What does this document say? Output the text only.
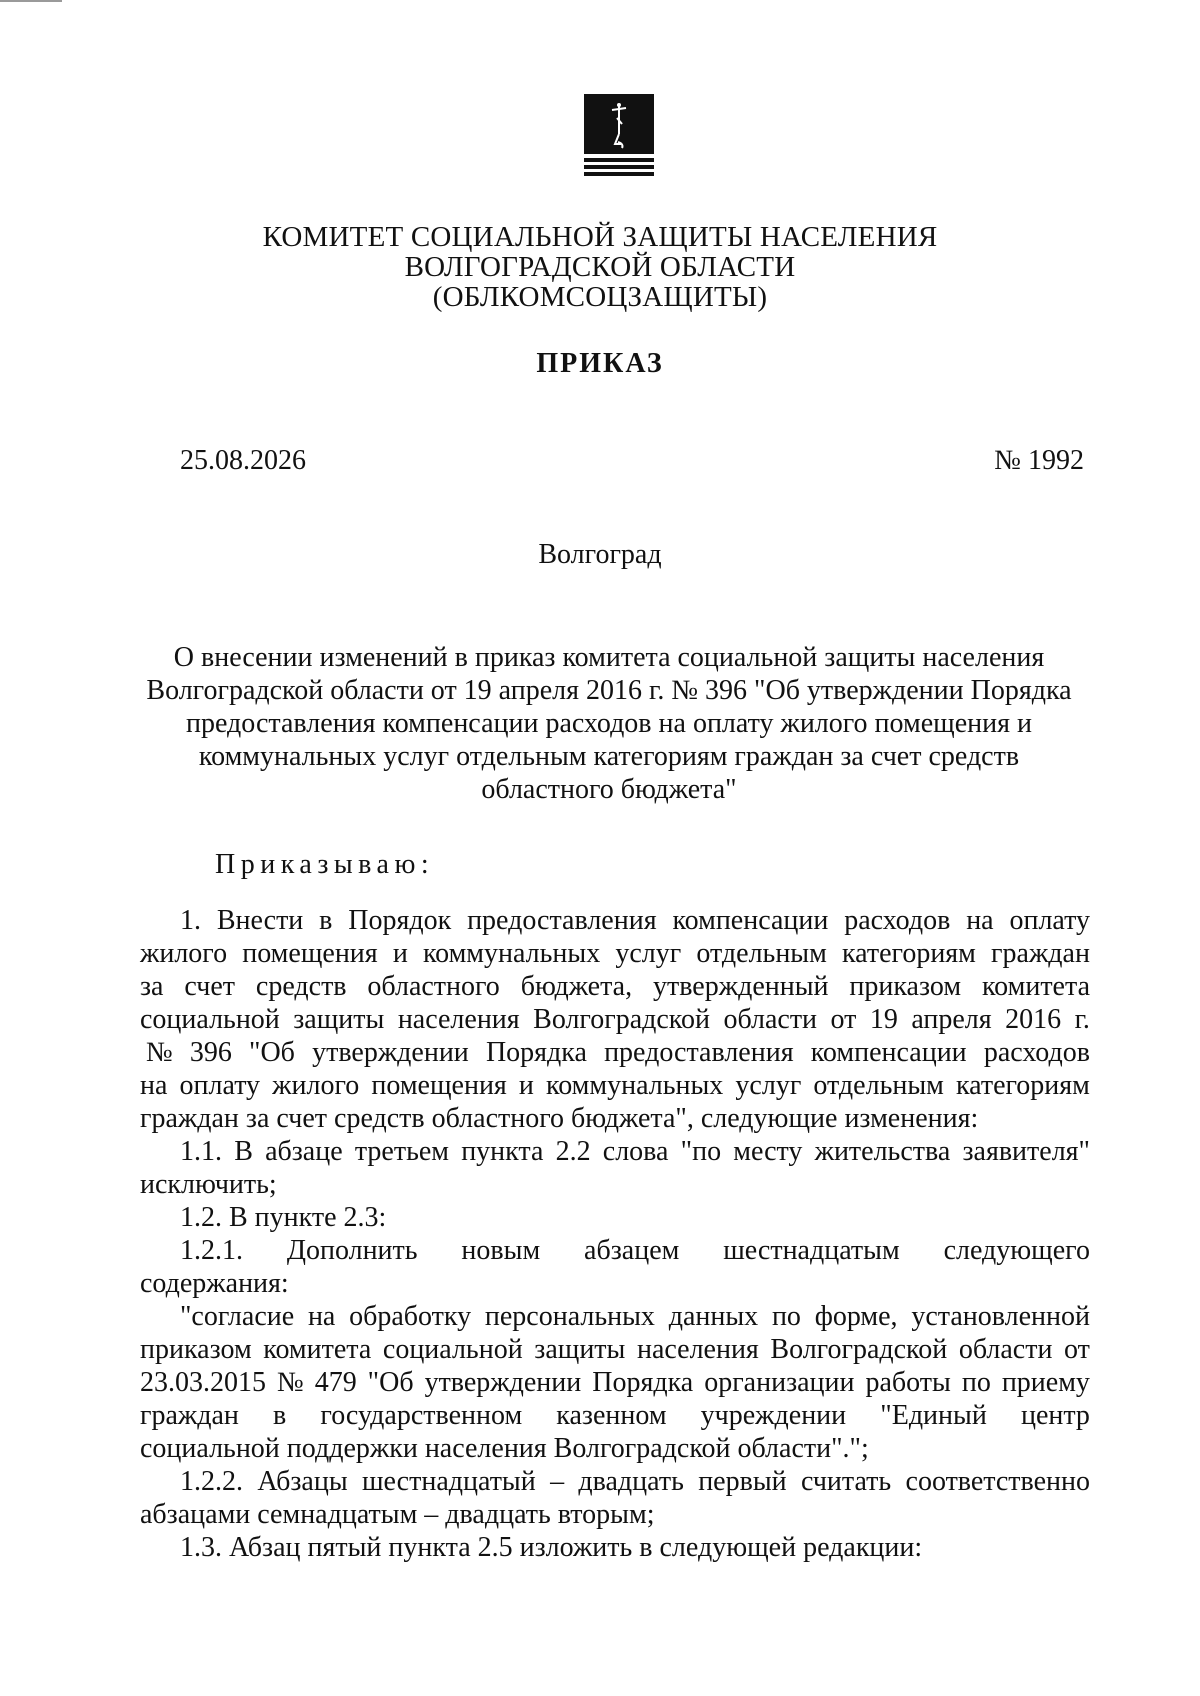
КОМИТЕТ СОЦИАЛЬНОЙ ЗАЩИТЫ НАСЕЛЕНИЯ
ВОЛГОГРАДСКОЙ ОБЛАСТИ
(ОБЛКОМСОЦЗАЩИТЫ)
ПРИКАЗ
25.08.2026	№ 1992
Волгоград
О внесении изменений в приказ комитета социальной защиты населения
Волгоградской области от 19 апреля 2016 г. № 396 "Об утверждении Порядка
предоставления компенсации расходов на оплату жилого помещения и
коммунальных услуг отдельным категориям граждан за счет средств
областного бюджета"
Приказываю:
1. Внести в Порядок предоставления компенсации расходов на оплату
жилого помещения и коммунальных услуг отдельным категориям граждан
за счет средств областного бюджета, утвержденный приказом комитета
социальной защиты населения Волгоградской области от 19 апреля 2016 г.
№ 396 "Об утверждении Порядка предоставления компенсации расходов
на оплату жилого помещения и коммунальных услуг отдельным категориям
граждан за счет средств областного бюджета", следующие изменения:
1.1. В абзаце третьем пункта 2.2 слова "по месту жительства заявителя"
исключить;
1.2. В пункте 2.3:
1.2.1. Дополнить новым абзацем шестнадцатым следующего
содержания:
"согласие на обработку персональных данных по форме, установленной
приказом комитета социальной защиты населения Волгоградской области от
23.03.2015 № 479 "Об утверждении Порядка организации работы по приему
граждан в государственном казенном учреждении "Единый центр
социальной поддержки населения Волгоградской области".";
1.2.2. Абзацы шестнадцатый – двадцать первый считать соответственно
абзацами семнадцатым – двадцать вторым;
1.3. Абзац пятый пункта 2.5 изложить в следующей редакции:
